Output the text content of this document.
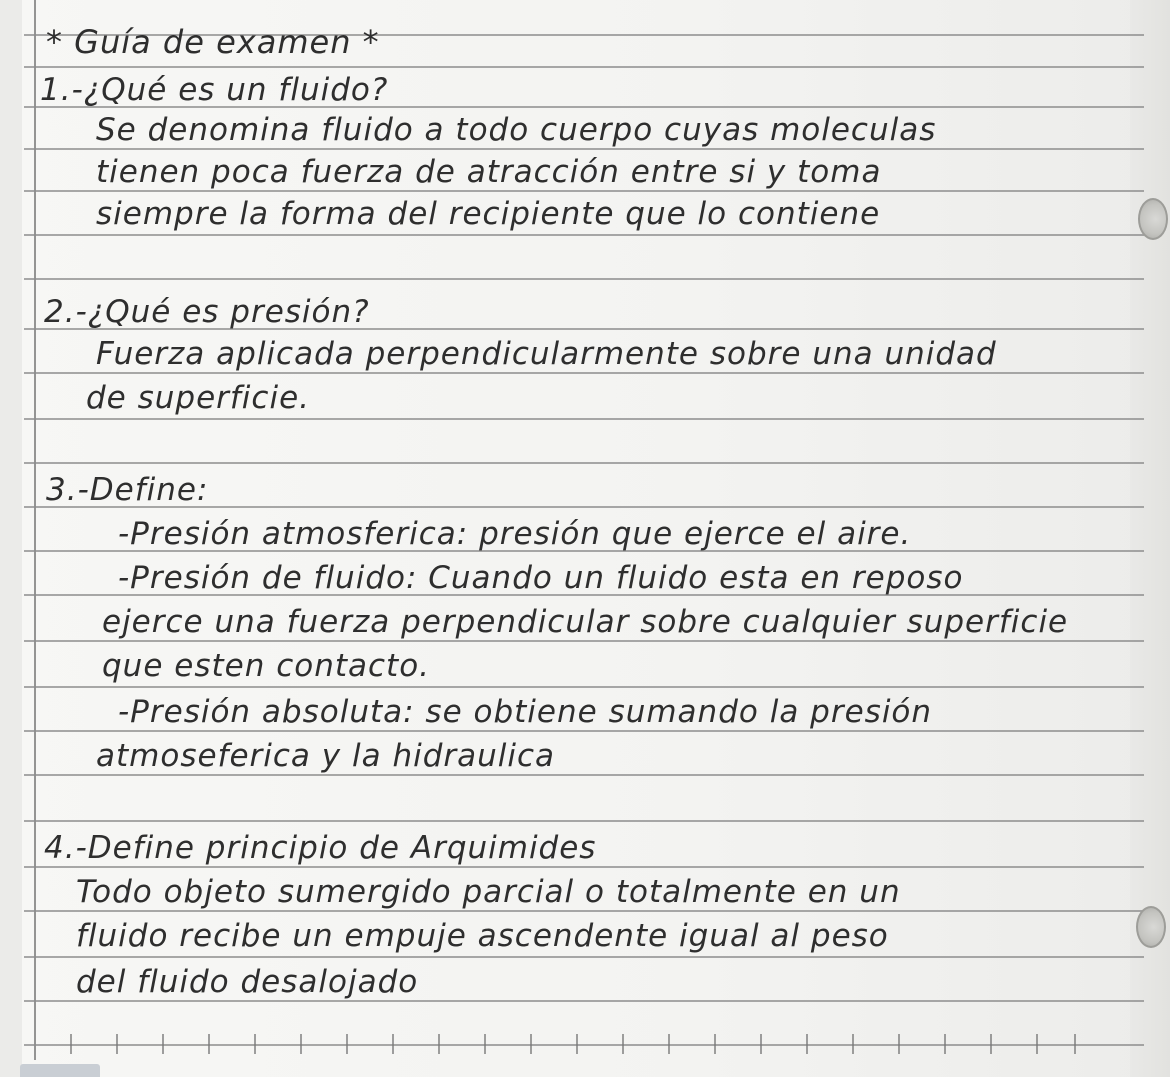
* Guía de examen *

1.-¿Qué es un fluido?

Se denomina fluido a todo cuerpo cuyas moleculas

tienen poca fuerza de atracción entre si y toma

siempre la forma del recipiente que lo contiene

2.-¿Qué es presión?

Fuerza aplicada perpendicularmente sobre una unidad

de superficie.

3.-Define:

-Presión atmosferica: presión que ejerce el aire.

-Presión de fluido: Cuando un fluido esta en reposo

ejerce una fuerza perpendicular sobre cualquier superficie

que esten contacto.

-Presión absoluta: se obtiene sumando la presión

atmoseferica y la hidraulica

4.-Define principio de Arquimides

Todo objeto sumergido parcial o totalmente en un

fluido recibe un empuje ascendente igual al peso

del fluido desalojado
